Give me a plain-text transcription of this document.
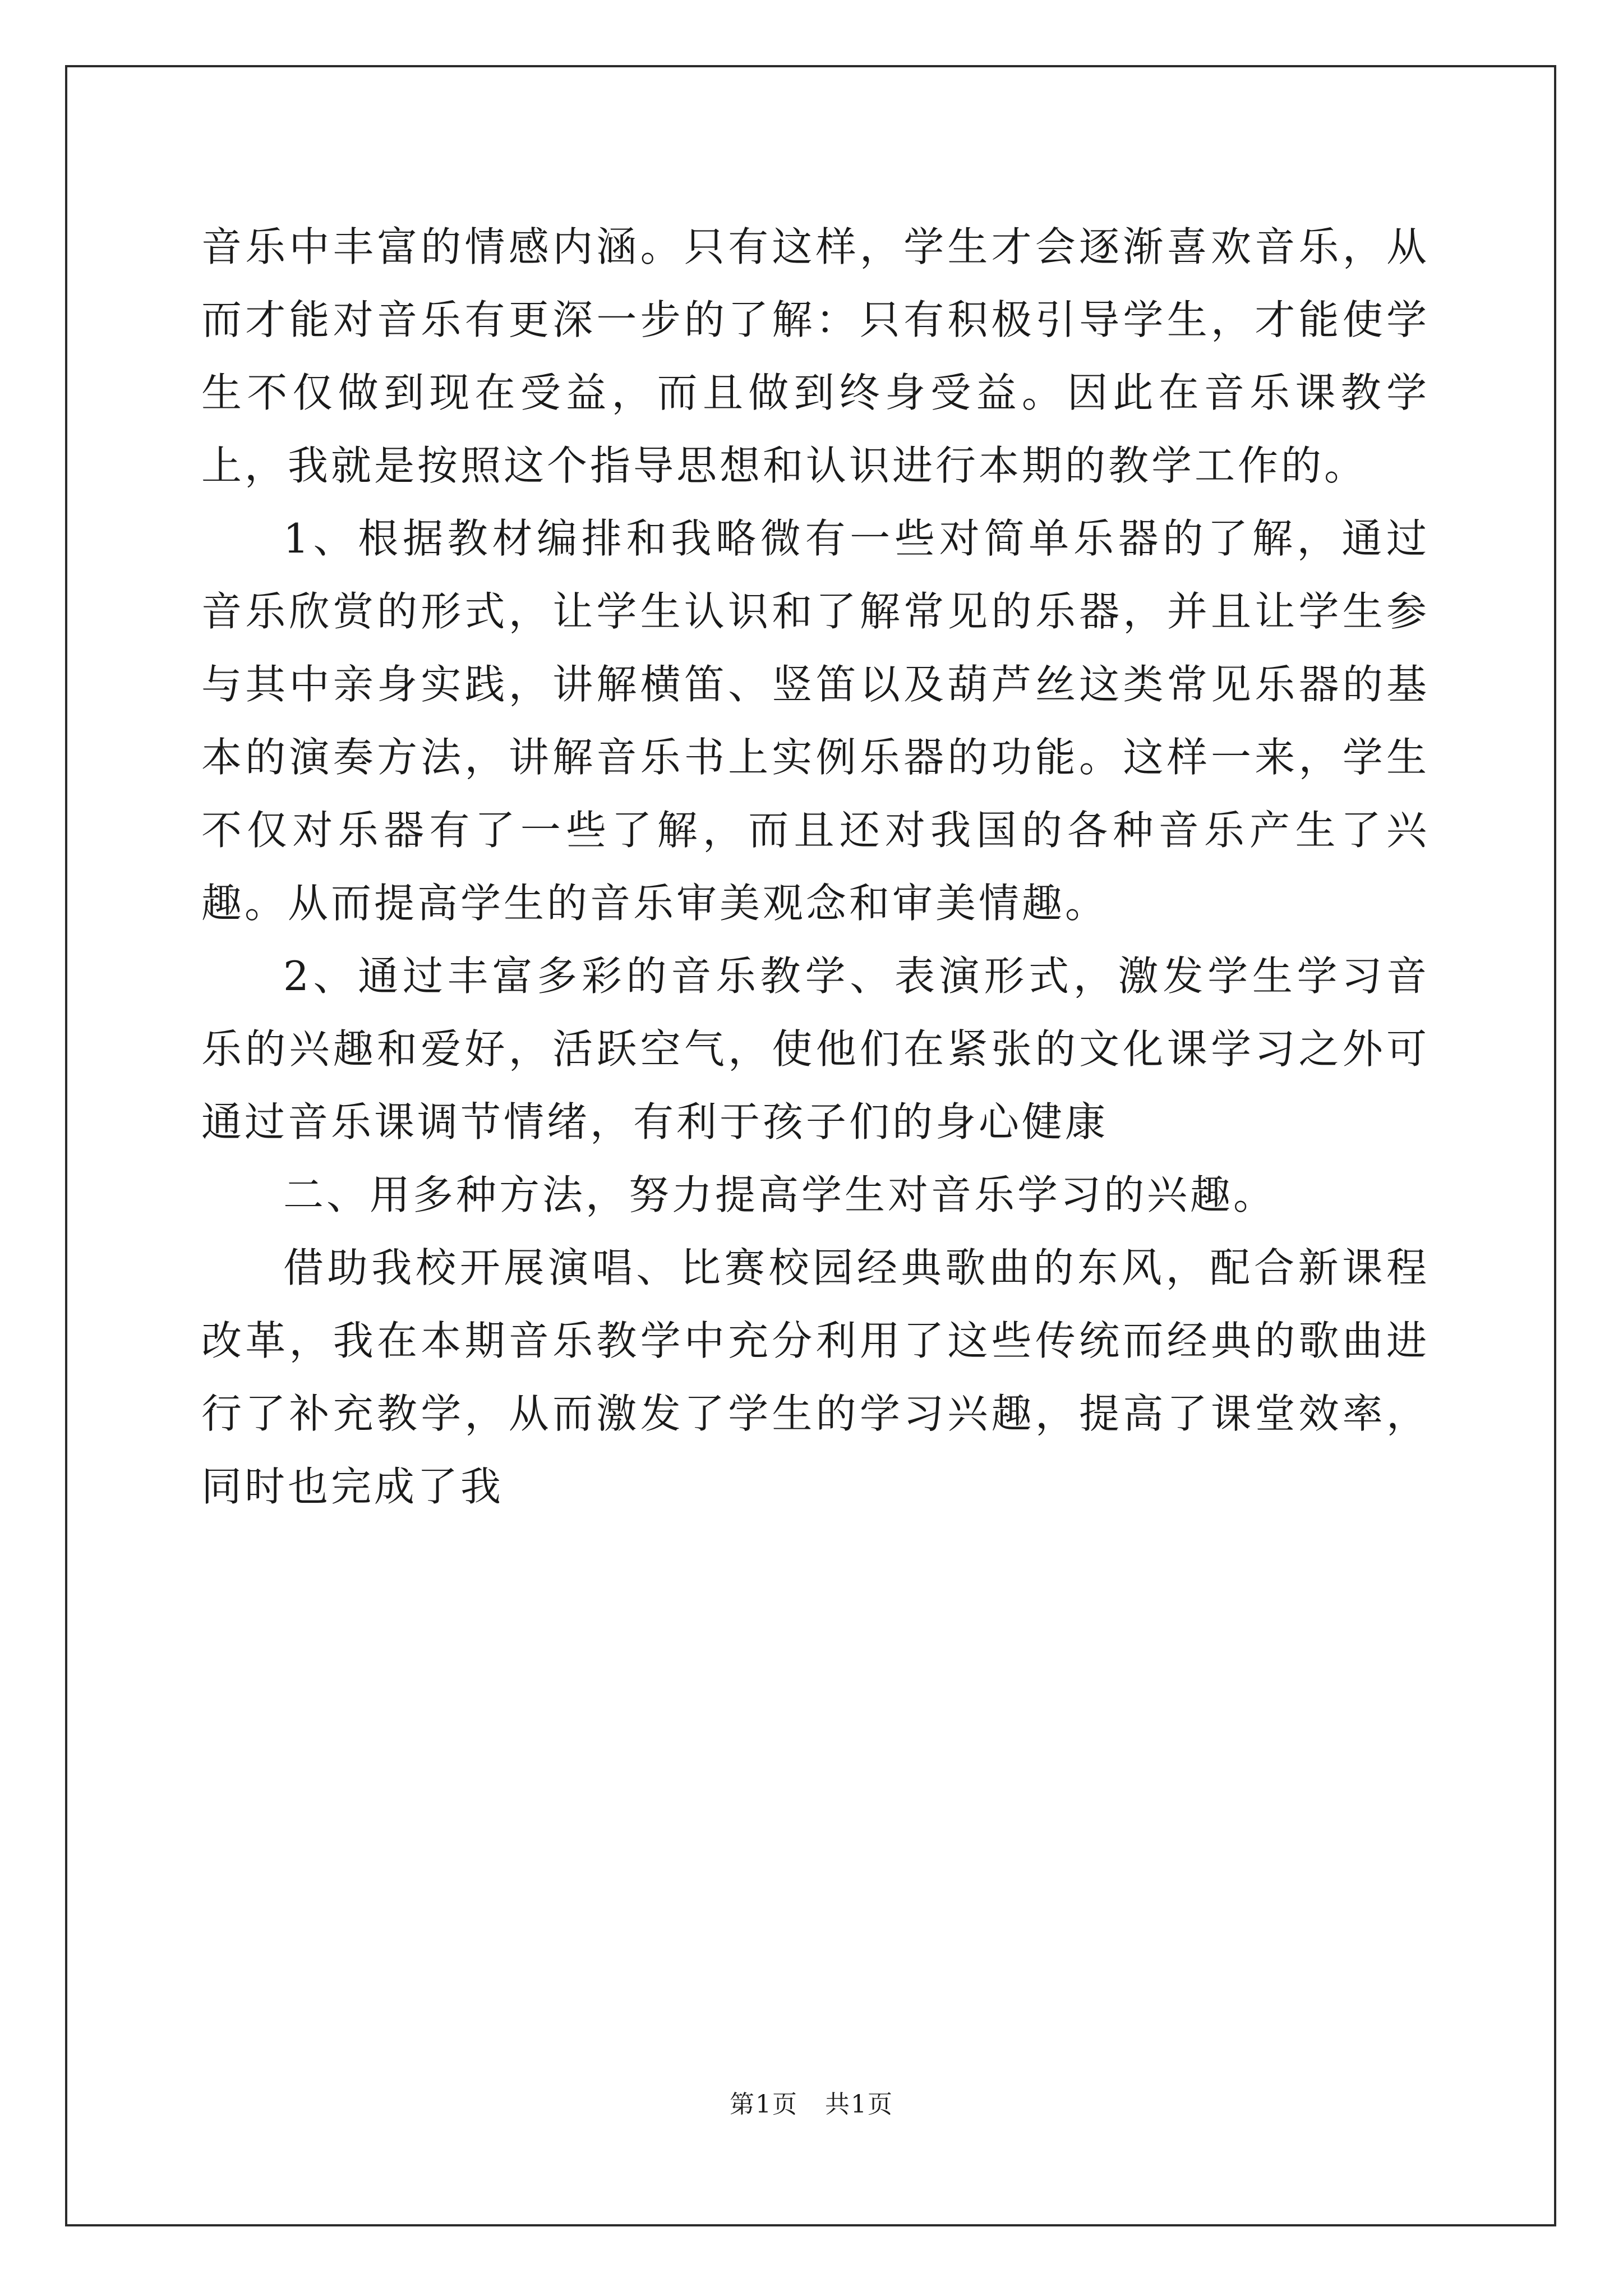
音乐中丰富的情感内涵。只有这样，学生才会逐渐喜欢音乐，从而才能对音乐有更深一步的了解：只有积极引导学生，才能使学生不仅做到现在受益，而且做到终身受益。因此在音乐课教学上，我就是按照这个指导思想和认识进行本期的教学工作的。

1、根据教材编排和我略微有一些对简单乐器的了解，通过音乐欣赏的形式，让学生认识和了解常见的乐器，并且让学生参与其中亲身实践，讲解横笛、竖笛以及葫芦丝这类常见乐器的基本的演奏方法，讲解音乐书上实例乐器的功能。这样一来，学生不仅对乐器有了一些了解，而且还对我国的各种音乐产生了兴趣。从而提高学生的音乐审美观念和审美情趣。

2、通过丰富多彩的音乐教学、表演形式，激发学生学习音乐的兴趣和爱好，活跃空气，使他们在紧张的文化课学习之外可通过音乐课调节情绪，有利于孩子们的身心健康

二、用多种方法，努力提高学生对音乐学习的兴趣。

借助我校开展演唱、比赛校园经典歌曲的东风，配合新课程改革，我在本期音乐教学中充分利用了这些传统而经典的歌曲进行了补充教学，从而激发了学生的学习兴趣，提高了课堂效率，同时也完成了我

第1页 共1页
